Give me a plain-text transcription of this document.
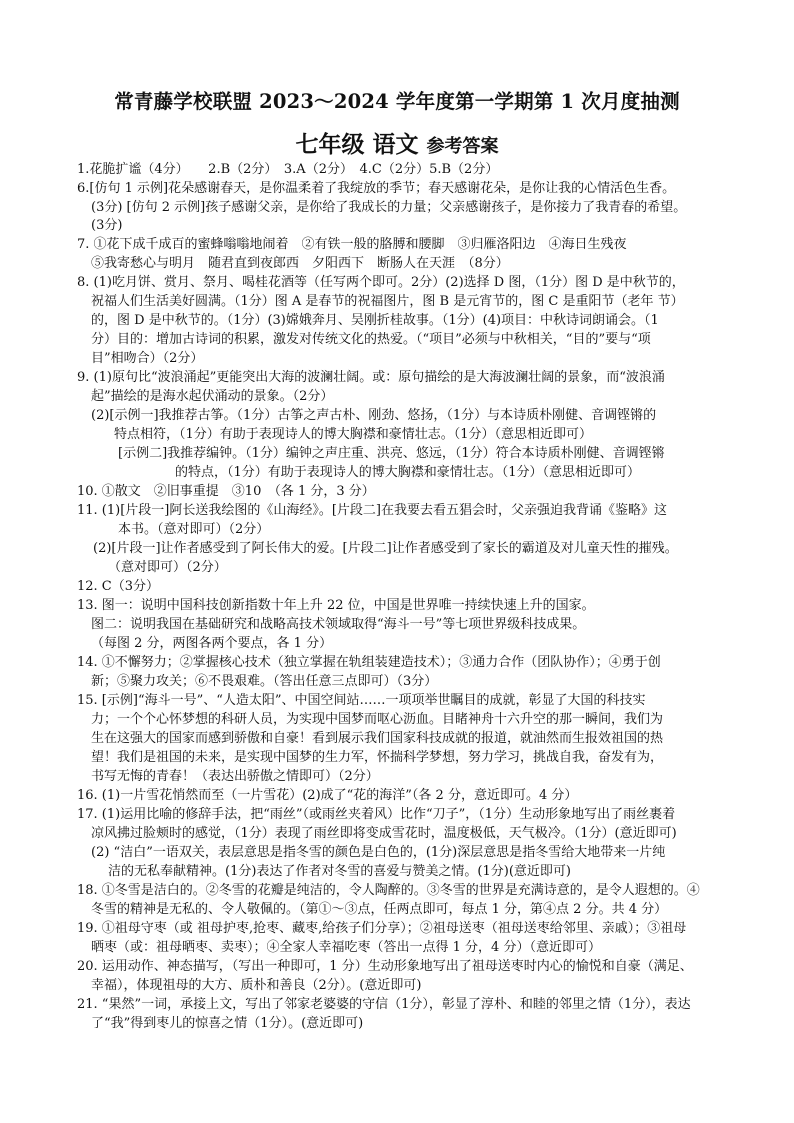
常青藤学校联盟 2023～2024 学年度第一学期第 1 次月度抽测
七年级 语文 参考答案
1.花脆扩谧（4分）　　2.B（2分）　3.A（2分）　4.C（2分）5.B（2分）
6.[仿句 1 示例]花朵感谢春天，是你温柔着了我绽放的季节；春天感谢花朵，是你让我的心情活色生香。
(3分) [仿句 2 示例]孩子感谢父亲，是你给了我成长的力量；父亲感谢孩子，是你接力了我青春的希望。
(3分)
7. ①花下成千成百的蜜蜂嗡嗡地闹着　②有铁一般的胳膊和腰脚　③归雁洛阳边　④海日生残夜
⑤我寄愁心与明月　随君直到夜郎西　夕阳西下　断肠人在天涯　（8分）
8. (1)吃月饼、赏月、祭月、喝桂花酒等（任写两个即可。2分）(2)选择 D 图，（1分）图 D 是中秋节的，
祝福人们生活美好圆满。（1分）图 A 是春节的祝福图片，图 B 是元宵节的，图 C 是重阳节（老年 节）
的，图 D 是中秋节的。（1分）(3)嫦娥奔月、吴刚折桂故事。（1分）(4)项目：中秋诗词朗诵会。（1
分）目的：增加古诗词的积累，激发对传统文化的热爱。（“项目”必须与中秋相关，“目的”要与“项
目”相吻合）（2分）
9. (1)原句比“波浪涌起”更能突出大海的波澜壮阔。或：原句描绘的是大海波澜壮阔的景象，而“波浪涌
起”描绘的是海水起伏涌动的景象。（2分）
(2)[示例一]我推荐古筝。（1分）古筝之声古朴、刚劲、悠扬，（1分）与本诗质朴刚健、音调铿锵的
特点相符，（1分）有助于表现诗人的博大胸襟和豪情壮志。（1分）（意思相近即可）
[示例二]我推荐编钟。（1分）编钟之声庄重、洪亮、悠远，（1分）符合本诗质朴刚健、音调铿锵
的特点，（1分）有助于表现诗人的博大胸襟和豪情壮志。（1分）（意思相近即可）
10. ①散文　②旧事重提　③10　（各 1 分，3 分）
11. (1)[片段一]阿长送我绘图的《山海经》。[片段二]在我要去看五猖会时，父亲强迫我背诵《鉴略》这
本书。（意对即可）（2分）
(2)[片段一]让作者感受到了阿长伟大的爱。[片段二]让作者感受到了家长的霸道及对儿童天性的摧残。
（意对即可）（2分）
12. C（3分）
13. 图一：说明中国科技创新指数十年上升 22 位，中国是世界唯一持续快速上升的国家。
图二：说明我国在基础研究和战略高技术领域取得“海斗一号”等七项世界级科技成果。
（每图 2 分，两图各两个要点，各 1 分）
14. ①不懈努力；②掌握核心技术（独立掌握在轨组装建造技术）；③通力合作（团队协作）；④勇于创
新；⑤聚力攻关；⑥不畏艰难。（答出任意三点即可）（3分）
15. [示例]“海斗一号”、“人造太阳”、中国空间站……一项项举世瞩目的成就，彰显了大国的科技实
力；一个个心怀梦想的科研人员，为实现中国梦而呕心沥血。目睹神舟十六升空的那一瞬间，我们为
生在这强大的国家而感到骄傲和自豪！看到展示我们国家科技成就的报道，就油然而生报效祖国的热
望！我们是祖国的未来，是实现中国梦的生力军，怀揣科学梦想，努力学习，挑战自我，奋发有为，
书写无悔的青春！（表达出骄傲之情即可）（2分）
16. (1)一片雪花悄然而至（一片雪花）(2)成了“花的海洋”（各 2 分，意近即可。4 分）
17. (1)运用比喻的修辞手法，把“雨丝”（或雨丝夹着风）比作“刀子”，（1分）生动形象地写出了雨丝裹着
凉风拂过脸颊时的感觉，（1分）表现了雨丝即将变成雪花时，温度极低，天气极冷。（1分）(意近即可)
(2) “洁白”一语双关，表层意思是指冬雪的颜色是白色的，(1分)深层意思是指冬雪给大地带来一片纯
洁的无私奉献精神。(1分)表达了作者对冬雪的喜爱与赞美之情。(1分)(意近即可)
18. ①冬雪是洁白的。②冬雪的花瓣是纯洁的，令人陶醉的。③冬雪的世界是充满诗意的，是令人遐想的。④
冬雪的精神是无私的、令人敬佩的。（第①～③点，任两点即可，每点 1 分，第④点 2 分。共 4 分）
19. ①祖母守枣（或 祖母护枣,抢枣、藏枣,给孩子们分享）；②祖母送枣（祖母送枣给邻里、亲戚）；③祖母
晒枣（或：祖母晒枣、卖枣）；④全家人幸福吃枣（答出一点得 1 分，4 分）（意近即可）
20. 运用动作、神态描写，（写出一种即可，1 分）生动形象地写出了祖母送枣时内心的愉悦和自豪（满足、
幸福），体现祖母的大方、质朴和善良（2分）。(意近即可)
21. “果然”一词，承接上文，写出了邻家老婆婆的守信（1分），彰显了淳朴、和睦的邻里之情（1分），表达
了“我”得到枣儿的惊喜之情（1分）。(意近即可)
